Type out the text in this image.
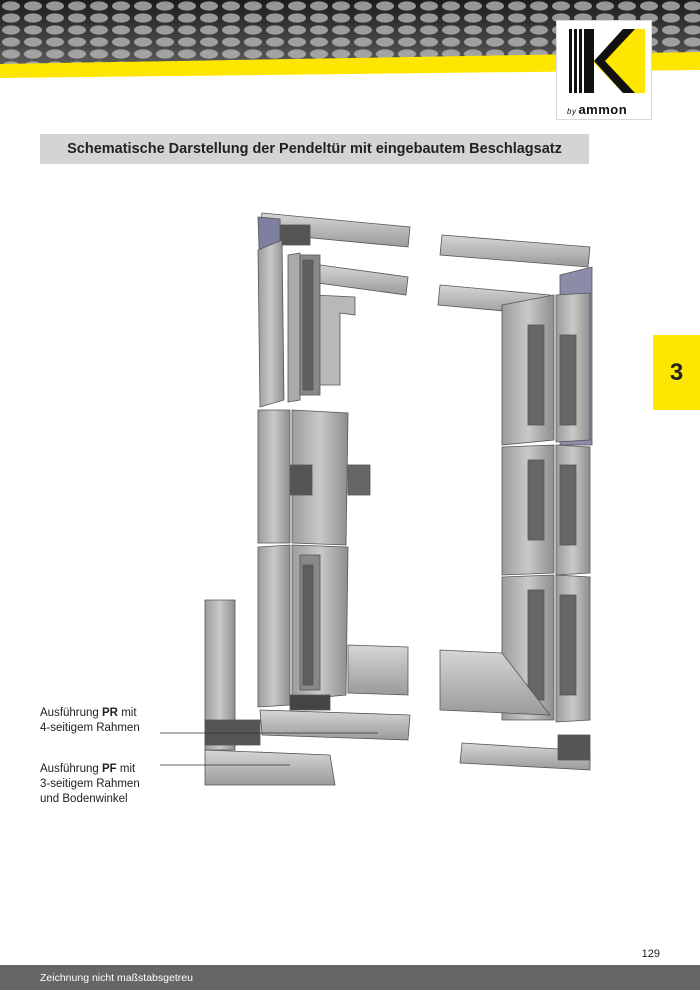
by ammon
Schematische Darstellung der Pendeltür mit eingebautem Beschlagsatz
3
Ausführung PR mit
4-seitigem Rahmen
Ausführung PF mit
3-seitigem Rahmen
und Bodenwinkel
129
Zeichnung nicht maßstabsgetreu
